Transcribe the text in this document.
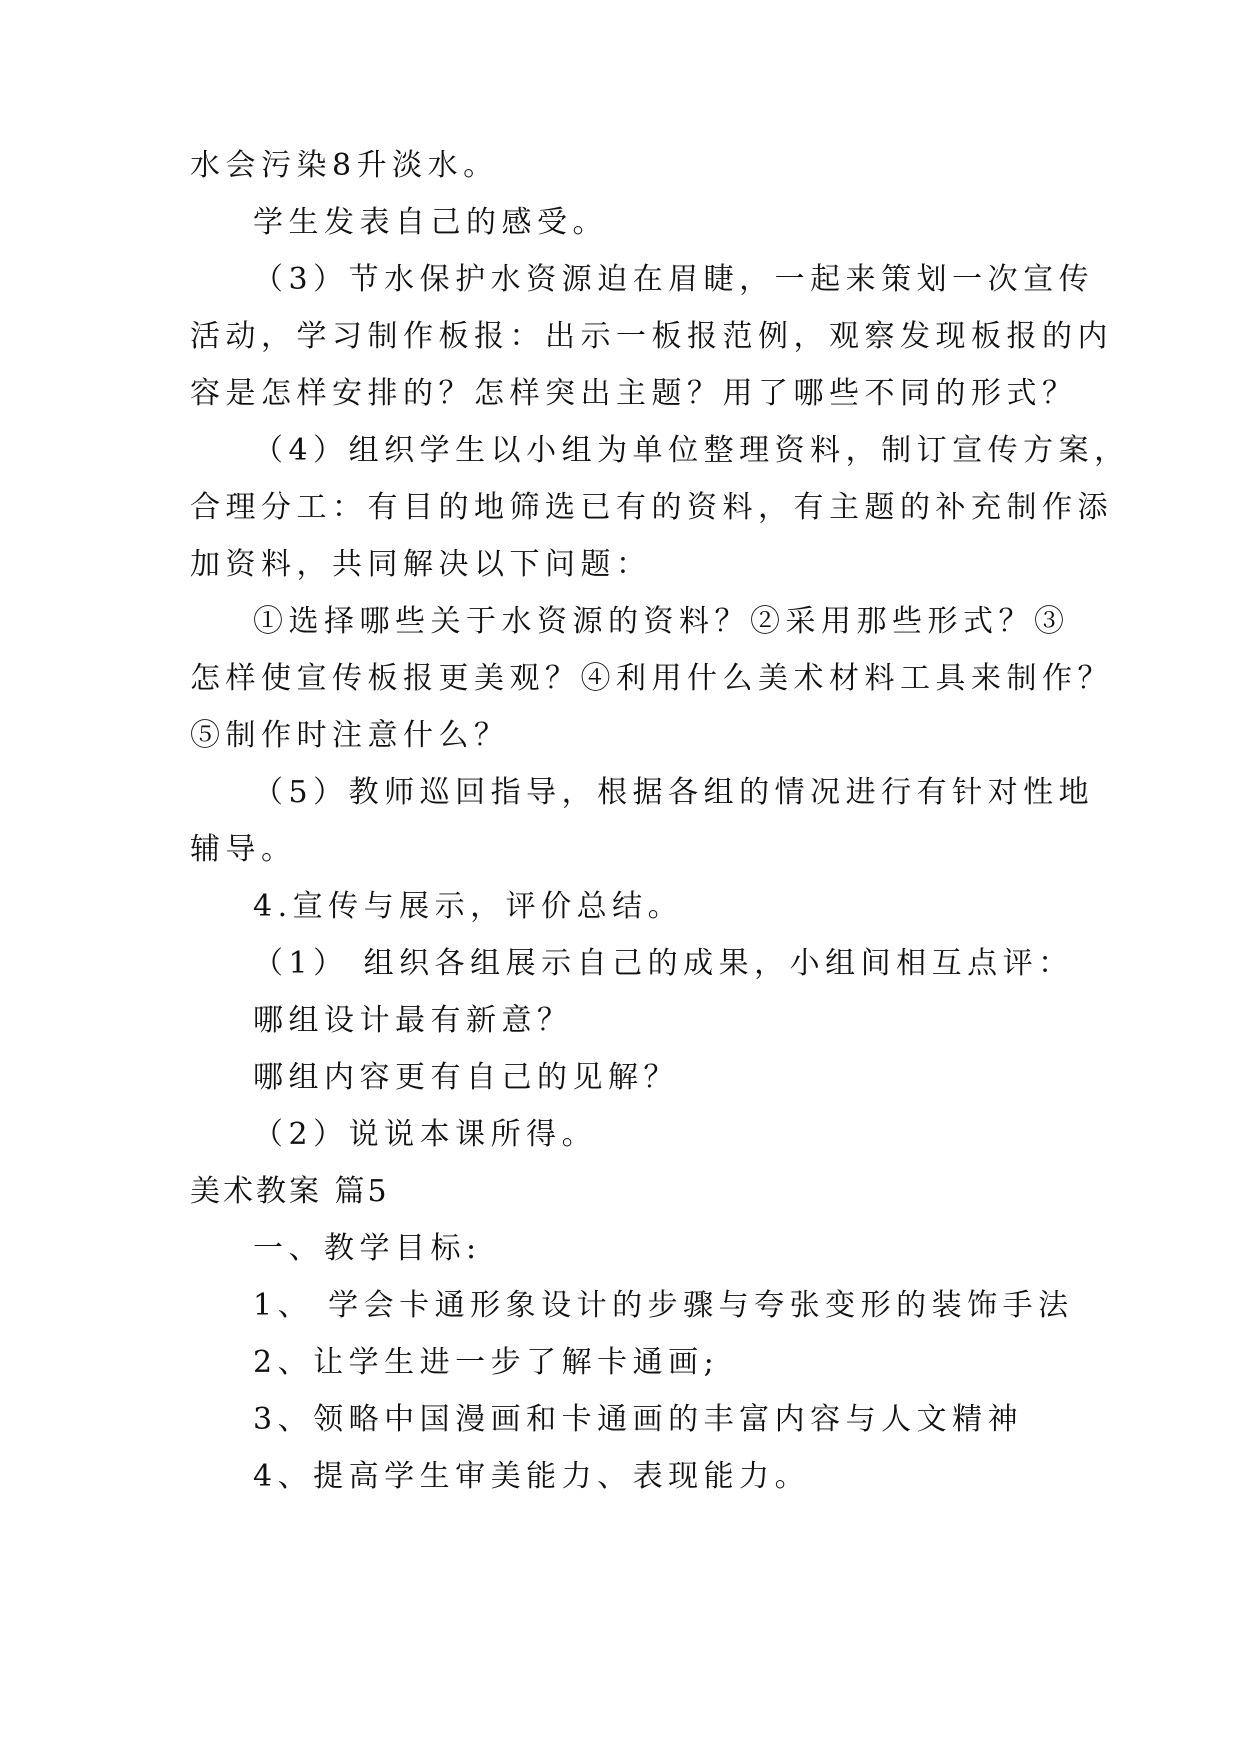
水会污染8升淡水。
学生发表自己的感受。
（3）节水保护水资源迫在眉睫，一起来策划一次宣传
活动，学习制作板报：出示一板报范例，观察发现板报的内
容是怎样安排的？怎样突出主题？用了哪些不同的形式？
（4）组织学生以小组为单位整理资料，制订宣传方案，
合理分工：有目的地筛选已有的资料，有主题的补充制作添
加资料，共同解决以下问题：
①选择哪些关于水资源的资料？②采用那些形式？③
怎样使宣传板报更美观？④利用什么美术材料工具来制作？
⑤制作时注意什么？
（5）教师巡回指导，根据各组的情况进行有针对性地
辅导。
4.宣传与展示，评价总结。
（1） 组织各组展示自己的成果，小组间相互点评：
哪组设计最有新意？
哪组内容更有自己的见解？
（2）说说本课所得。
美术教案 篇5
一、教学目标:
1、 学会卡通形象设计的步骤与夸张变形的装饰手法
2、让学生进一步了解卡通画;
3、领略中国漫画和卡通画的丰富内容与人文精神
4、提高学生审美能力、表现能力。
